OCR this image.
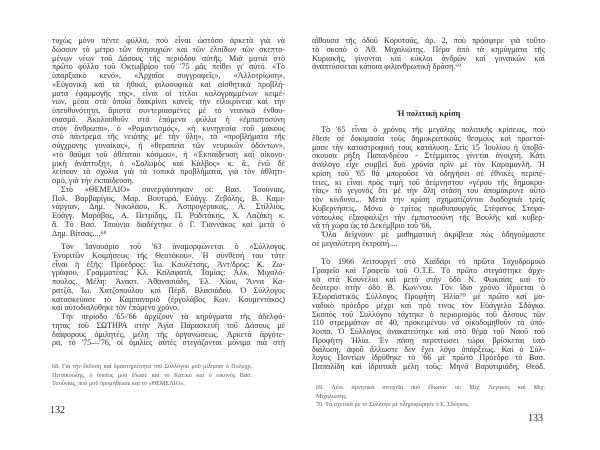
τυχὼς μόνο πέντε φύλλα, ποὺ εἶναι ὡστόσο ἀρκετὰ γιὰ νὰ
δώσουν τὸ μέτρο τῶν ἀνησυχιῶν καὶ τῶν ἐλπίδων τῶν σκεπτο-
μένων νέων τοῦ Δάσους τῆς περιόδου αὐτῆς. Μιὰ ματιὰ στὸ
πρῶτο φύλλο τοῦ Ὀκτωβρίου τοῦ '75 μᾶς πείθει γι' αὐτό. «Τὸ
ὑπαρξιακὸ κενό», «Ἀρχαῖοι συγγραφεῖς», «Ἀλλοτρίωση»,
«Εὐγονικὴ καὶ τὰ ἠθικά, φιλοσοφικὰ καὶ αἰσθητικὰ προβλή-
ματα ἐφαρμογῆς της», εἶναι οἱ τίτλοι καλογραμμένων κειμέ-
νων, μέσα στὰ ὁποῖα διακρίνει κανεὶς τὴν εἰλικρίνεια καὶ τὴν
ὑπευθυνότητα, ἄριστα συντεριασμένες μὲ τὸ νεανικὸ ἐνθου-
σιασμό. Ἀκολουθοῦν στὰ ἑπόμενα φύλλα ἡ «ἐμπιστοσύνη
στὸν ἄνθρωπο», ὁ «Ρομαντισμός», «ἡ κυνηγεσία τοῦ μάκους
στὸ πάντρεμα τῆς νειότης μὲ τὴν ὕλη», τὰ «προβλήματα τῆς
σύγχρονης γυναίκας», ἡ «θεραπεία τῶν νευρικῶν ὀδόντων»,
«τὸ θαῦμα τοῦ ἀθέατου κόσμου», ἡ «Ἐκπαίδευση καὶ οἰκονο-
μικὴ ἀνάπτυξη», ὁ «Σολωμὸς καὶ Κάλβος» κ. ἄ., ἐνῶ δὲ
λείπουν τὰ σχόλια γιὰ τὰ τοπικὰ προβλήματα, γιὰ τὸν ἀθλητι-
σμό, γιὰ τὴν ἐκπαίδευση.
Στὸ «ΘΕΜΕΛΙΟ» συνεργάστηκαν οἱ: Βασ. Τσούνιας,
Πολ. Βαρβαρίγος, Μαρ. Βουτυρά, Εὐάγγ. Ζεβόλης, Β. Καμι-
νάργιαν, Δημ. Νικολάου, Κ. Ἀσπρογέρακας, Α. Στίλλιος,
Εὐάγγ. Μαράβας, Α. Πετρίδης, Π. Ροδιτάκης, Χ. Λαζάκη κ.
ἄ. Τὸ Βασ. Τσούνια διαδέχτηκε ὁ Γ. Γιαννάκος καὶ μετὰ ὁ
Δημ. Βίτσας....⁶⁸
Τὸν Ἰανουάριο τοῦ '63 ἀναμορφώνεται ὁ «Σύλλογος
Ἐνοριτῶν Κοιμήσεως τῆς Θεοτόκου». Ἡ σύνθεσή του τότε
εἶναι ἡ ἑξῆς: Πρόεδρος: Ἰω. Κουλέτσης, Ἀντ/δρος: Κ. Ζω-
γράφου, Γραμματέας: Κλ. Καλαφατᾶ, Ταμίας: Ἀλκ. Μιχαλό-
πουλος. Μέλη: Ἀναστ. Ἀθανασιάδη, Ἑλ. Χίου, Ἄννα Κα-
ρατζᾶ, Ἰω. Χατζοπούλου καὶ Πέρδ. Βλασιάδου. Ὁ Σύλλογος
κατασκεύασε τὸ Καμπαναριὸ (ἐργολάβος Κων. Κουμεντάκος)
καὶ αὐτοδιαλύθηκε τὸν ἑπόμενο χρόνο.
Τὴν περίοδο '65-'66 ἀρχίζουν τὰ κηρύγματα τῆς ἀδελφό-
τητας τοῦ ΣΩΤΗΡΑ στὴν Ἁγία Παρασκευὴ τοῦ Δάσους μὲ
διάφορους ὁμιλητές, μέλη τῆς ὀργανώσεως. Ἀρκετὰ ἀργότε-
ρα, τὸ '75—'76, οἱ ὁμιλίες αὐτὲς στεγάζονται μόνιμα πιὰ στὴ
68. Γιὰ τὴν ἔκδοση καὶ δραστηριότητα τοῦ Συλλόγου μοῦ μίλησαν ὁ Πολυχρ.
Πιτσικούλης, ὁ ὁποῖος μοῦ ἔδωσε καὶ τὸ Κατ/κὸ καὶ ὁ οἰκονὸς Βασ.
Τσούνιας, ποὺ μοῦ προμήθευσε καὶ τὸ «ΘΕΜΕΛΙΟ».
132
αἴθουσα τῆς ὁδοῦ Κορυτσᾶς, ἀρ. 2, ποὺ πρόσφερε γιὰ τοῦτο
τὸ σκοπὸ ὁ Ἀθ. Μιχαλιώτης. Πέρα ἀπὸ τὰ κηρύγματα τῆς
Κυριακῆς, γίνονται καὶ κύκλοι ἀνδρῶν καὶ γυναικῶν καὶ
ἀναπτύσσεται κάποια φιλανθρωπικὴ δράση.⁶⁹
Ἡ πολιτικὴ κρίση
Τὸ '65 εἶναι ὁ χρόνος τῆς μεγάλης πολιτικῆς κρίσεως, ποὺ
ἔθεσε σὲ δοκιμασία τοὺς δημοκρατικοὺς θεσμοὺς καὶ προετοί-
μασε τὴν καταστροφική τους κατάλυση. Στὶς 15 Ἰουλίου ἡ ὑποβό-
σκουσα ρήξη Παπανδρέου - Στέμματος γίνεται ἀνοιχτή. Κάτι
ἀνάλογο εἶχε συμβεῖ δυὸ χρόνια πρὶν μὲ τὸν Καραμανλῆ. Ἡ
κρίση τοῦ '65 θὰ μποροῦσε νὰ ὁδηγήσει σὲ ἐθνικὲς περιπέ-
τειες, κι εἶναι πρὸς τιμὴ τοῦ ἀείμνηστου «γέρου τῆς δημοκρα-
τίας» τὸ γεγονὸς ὅτι μὲ τὴν ὅλη στάση του ἀπομάκρυνε αὐτὸ
τὸν κίνδυνο... Μετὰ τὴν κρίση σχηματίζονται διαδοχικὰ τρεῖς
Κυβερνήσεις. Μόνο ὁ τρίτος πρωθυπουργὸς Στέφανος Στεφα-
νόπουλος ἐξασφαλίζει τὴν ἐμπιστοσύνη τῆς Βουλῆς καὶ κυβερ-
νᾶ τὴ χώρα ὡς τὸ Δεκέμβριο τοῦ '66.
Ὅλα δείχνουν μὲ μαθηματικὴ ἀκρίβεια πὼς ὁδηγούμαστε
σὲ μεγαλύτερη ἐκτροπή....
Τὸ 1966 λειτουργεῖ στὸ Χαϊδάρι τὸ πρῶτο Ταχυδρομικὸ
Γραφεῖο καὶ Γραφεῖο τοῦ Ο.Τ.Ε. Τὸ πρῶτο στεγάστηκε ἀρχι-
κὰ στὰ Κουνέλια καὶ μετὰ στὴν ὁδὸ Ν. Φωκαίας καὶ τὸ
δεύτερο στὴν ὁδὸ Β. Κων/νου. Τὸν ἴδιο χρόνο ἱδρύεται ὁ
Ἐξωραϊστικὸς Σύλλογος Προφήτη Ἠλία⁷⁰ μὲ πρῶτο καὶ μο-
ναδικὸ πρόεδρο μέχρι καὶ πρὸ τινος τὸν Εὐάγγελο Σδόγκο.
Σκοπὸς τοῦ Συλλόγου τάχτηκε ὁ περιορισμὸς τοῦ ἄλσους τῶν
110 στρεμμάτων σὲ 40, προκειμένου νὰ οἰκοδομηθοῦν τὰ ὑπό-
λοιπα. Ὁ Σύλλογος ἀνακατεύτηκε καὶ στὸ θέμα τοῦ Ναοῦ τοῦ
Προφήτη Ἠλία. Ἐν πάσῃ περιπτώσει τώρα βρίσκεται ὑπὸ
διάλυση, ἀφοῦ ἄλλωστε δὲν ἔχει λόγο ὑπάρξεως. Καὶ ὁ Σύλ-
λογος Ποντίων ἱδρύθηκε τὸ '66 μὲ πρῶτο Πρόεδρο τὸ Βασ.
Παπαλίδη καὶ ἱδρυτικὰ μέλη τούς: Μηνᾶ Βαρυτιμιάδη, Θεόδ.
69. Λένε ἀρνητικὰ στοιχεῖα ποὺ ἔδωσαν οἱ: Μιχ. Λεγακὸς καὶ Μιχ.
Μιχαλιώτης.
70. Τὰ σχετικὰ με τὸ Σύλλογο μὲ πληροφόρησε ὁ Ε. Σδόγκος.
133
